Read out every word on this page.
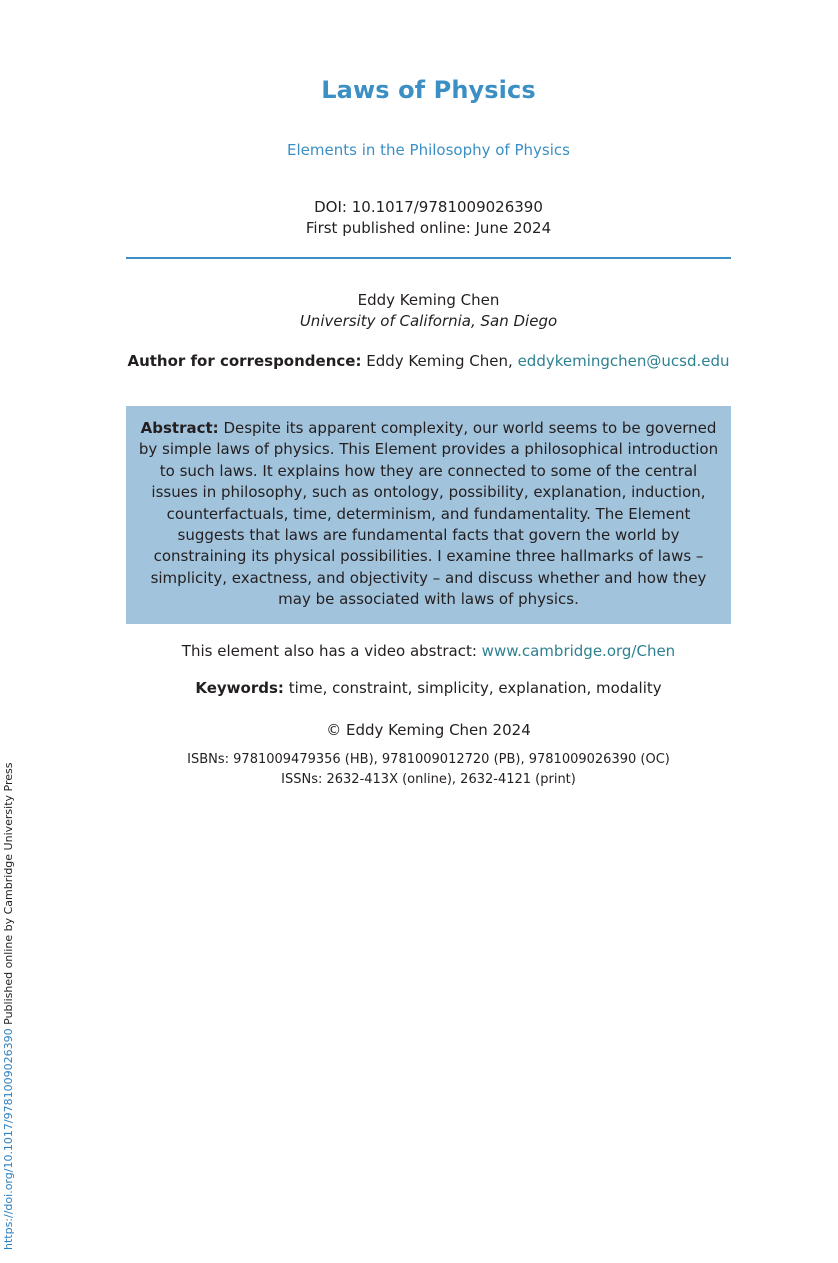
Laws of Physics
Elements in the Philosophy of Physics
DOI: 10.1017/9781009026390
First published online: June 2024
Eddy Keming Chen
University of California, San Diego
Author for correspondence: Eddy Keming Chen, eddykemingchen@ucsd.edu

Abstract: Despite its apparent complexity, our world seems to be governed by simple laws of physics. This Element provides a philosophical introduction to such laws. It explains how they are connected to some of the central issues in philosophy, such as ontology, possibility, explanation, induction, counterfactuals, time, determinism, and fundamentality. The Element suggests that laws are fundamental facts that govern the world by constraining its physical possibilities. I examine three hallmarks of laws – simplicity, exactness, and objectivity – and discuss whether and how they may be associated with laws of physics.

This element also has a video abstract: www.cambridge.org/Chen
Keywords: time, constraint, simplicity, explanation, modality
© Eddy Keming Chen 2024
ISBNs: 9781009479356 (HB), 9781009012720 (PB), 9781009026390 (OC)
ISSNs: 2632-413X (online), 2632-4121 (print)
https://doi.org/10.1017/9781009026390 Published online by Cambridge University Press
